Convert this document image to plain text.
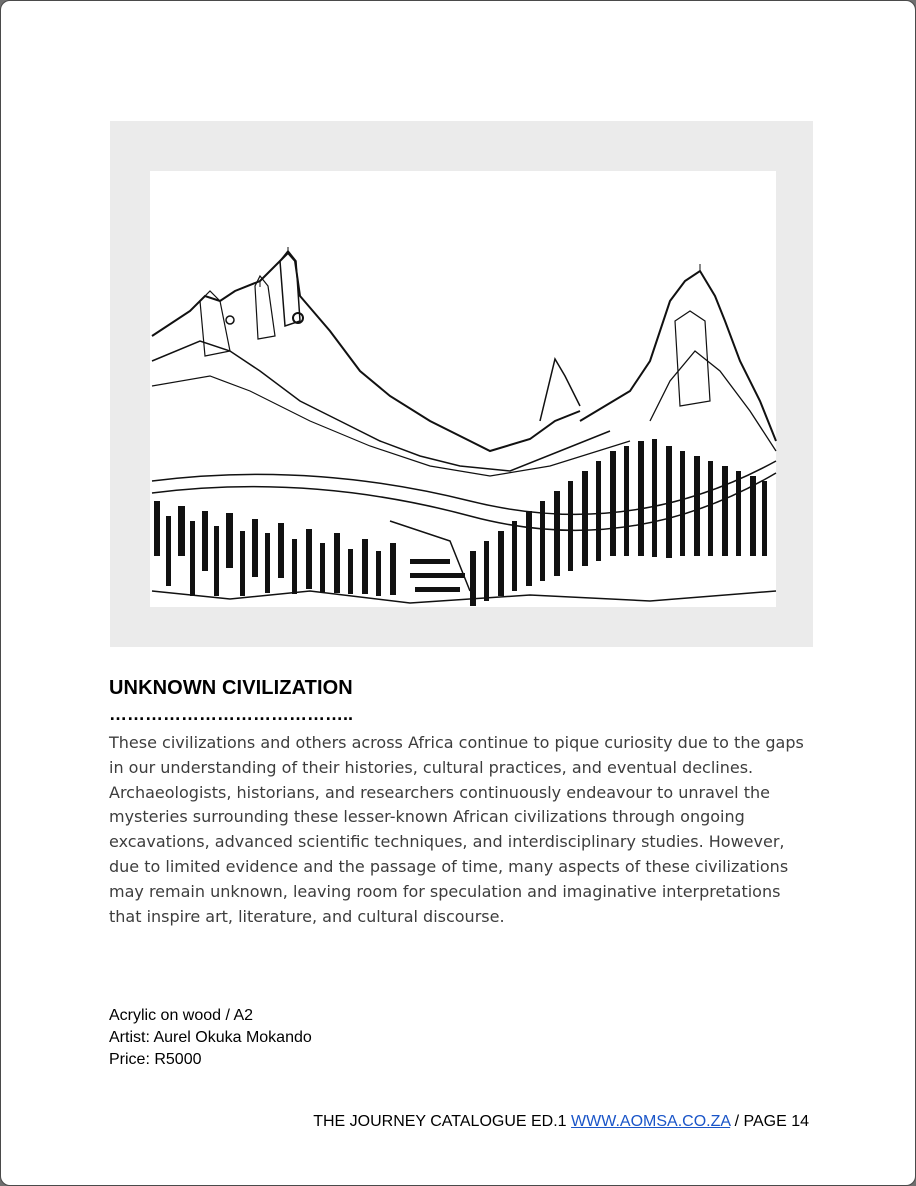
UNKNOWN CIVILIZATION
…………………………………..

These civilizations and others across Africa continue to pique curiosity due to the gaps in our understanding of their histories, cultural practices, and eventual declines. Archaeologists, historians, and researchers continuously endeavour to unravel the mysteries surrounding these lesser-known African civilizations through ongoing excavations, advanced scientific techniques, and interdisciplinary studies. However, due to limited evidence and the passage of time, many aspects of these civilizations may remain unknown, leaving room for speculation and imaginative interpretations that inspire art, literature, and cultural discourse.

Acrylic on wood / A2
Artist: Aurel Okuka Mokando
Price: R5000
THE JOURNEY CATALOGUE ED.1 WWW.AOMSA.CO.ZA / PAGE 14
